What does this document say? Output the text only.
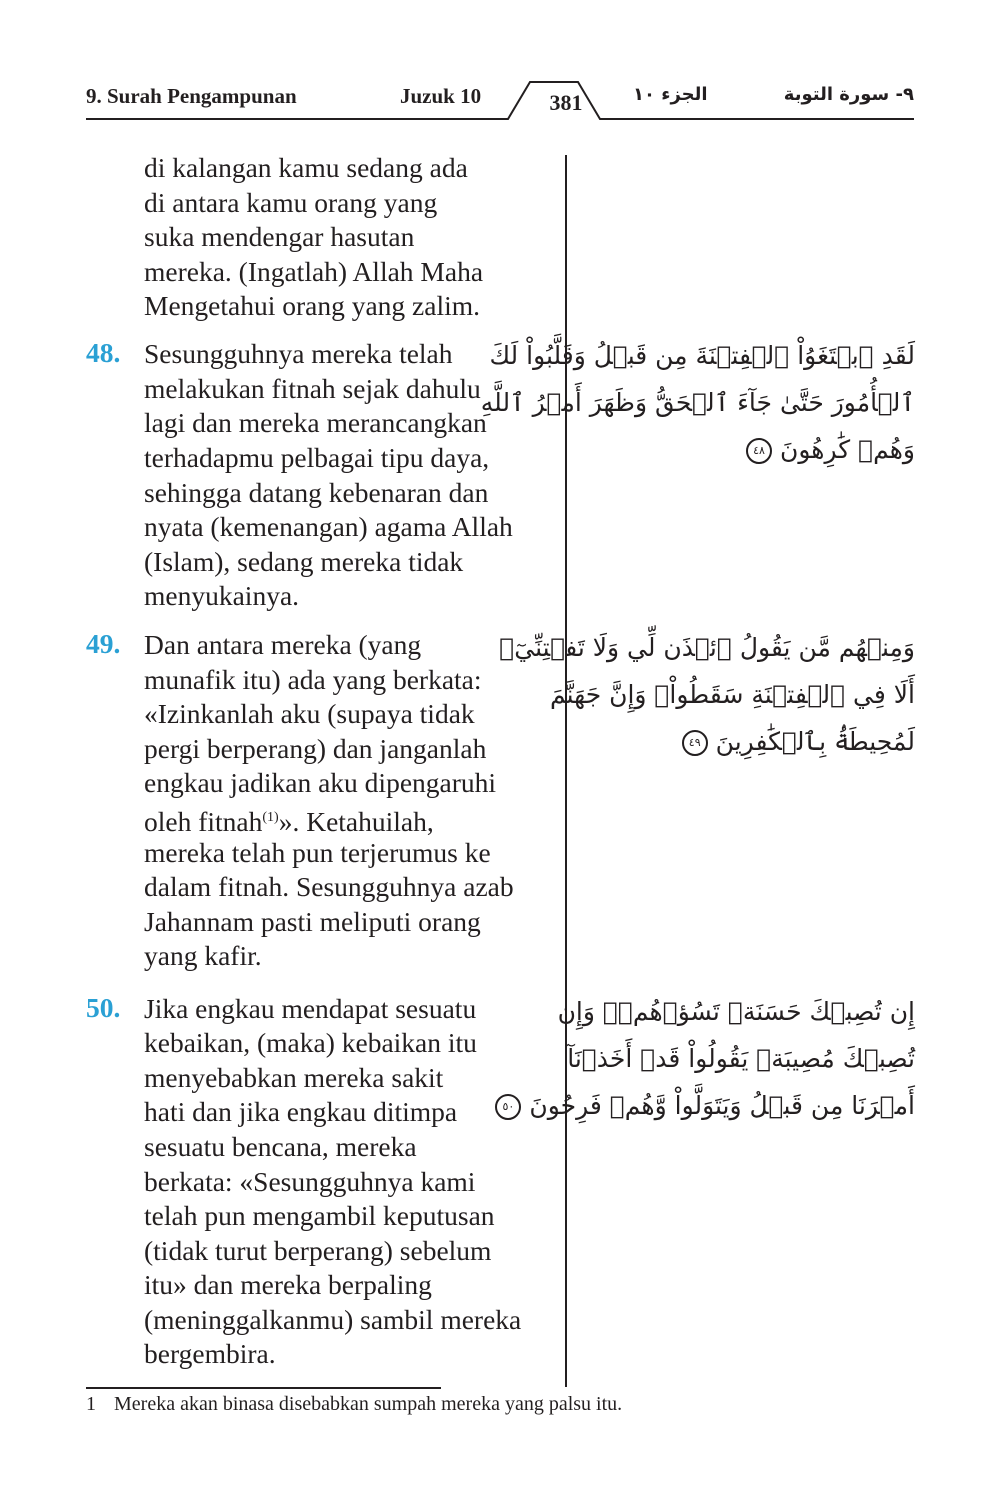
9. Surah Pengampunan	Juzuk 10	381	الجزء ١٠	٩- سورة التوبة
di kalangan kamu sedang ada
di antara kamu orang yang
suka mendengar hasutan
mereka. (Ingatlah) Allah Maha
Mengetahui orang yang zalim.
48. Sesungguhnya mereka telah
melakukan fitnah sejak dahulu
lagi dan mereka merancangkan
terhadapmu pelbagai tipu daya,
sehingga datang kebenaran dan
nyata (kemenangan) agama Allah
(Islam), sedang mereka tidak
menyukainya.
لَقَدِ ٱبۡتَغَوُاْ ٱلۡفِتۡنَةَ مِن قَبۡلُ وَقَلَّبُواْ لَكَ
ٱلۡأُمُورَ حَتَّىٰ جَآءَ ٱلۡحَقُّ وَظَهَرَ أَمۡرُ ٱللَّهِ
وَهُمۡ كَٰرِهُونَ ٤٨
49. Dan antara mereka (yang
munafik itu) ada yang berkata:
«Izinkanlah aku (supaya tidak
pergi berperang) dan janganlah
engkau jadikan aku dipengaruhi
oleh fitnah$^{(1)}$». Ketahuilah,
mereka telah pun terjerumus ke
dalam fitnah. Sesungguhnya azab
Jahannam pasti meliputi orang
yang kafir.
وَمِنۡهُم مَّن يَقُولُ ٱئۡذَن لِّي وَلَا تَفۡتِنِّيٓۚ
أَلَا فِي ٱلۡفِتۡنَةِ سَقَطُواْۗ وَإِنَّ جَهَنَّمَ
لَمُحِيطَةُۢ بِٱلۡكَٰفِرِينَ ٤٩
50. Jika engkau mendapat sesuatu
kebaikan, (maka) kebaikan itu
menyebabkan mereka sakit
hati dan jika engkau ditimpa
sesuatu bencana, mereka
berkata: «Sesungguhnya kami
telah pun mengambil keputusan
(tidak turut berperang) sebelum
itu» dan mereka berpaling
(meninggalkanmu) sambil mereka
bergembira.
إِن تُصِبۡكَ حَسَنَةٞ تَسُؤۡهُمۡۖ وَإِن
تُصِبۡكَ مُصِيبَةٞ يَقُولُواْ قَدۡ أَخَذۡنَآ
أَمۡرَنَا مِن قَبۡلُ وَيَتَوَلَّواْ وَّهُمۡ فَرِحُونَ ٥٠
1 Mereka akan binasa disebabkan sumpah mereka yang palsu itu.
